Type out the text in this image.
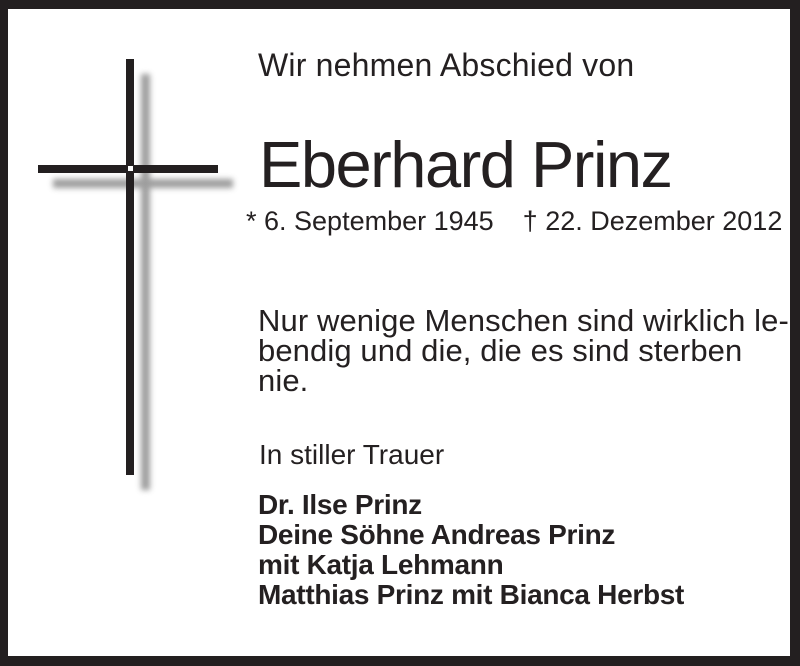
Wir nehmen Abschied von
Eberhard Prinz
* 6. September 1945 † 22. Dezember 2012
Nur wenige Menschen sind wirklich le-
bendig und die, die es sind sterben nie.
In stiller Trauer
Dr. Ilse Prinz
Deine Söhne Andreas Prinz
mit Katja Lehmann
Matthias Prinz mit Bianca Herbst
